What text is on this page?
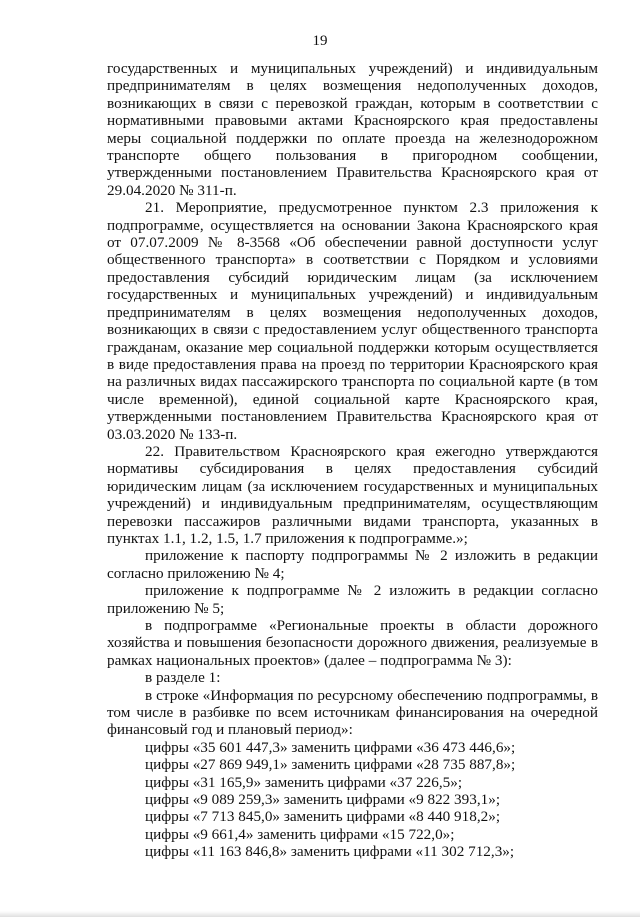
19

государственных и муниципальных учреждений) и индивидуальным предпринимателям в целях возмещения недополученных доходов, возникающих в связи с перевозкой граждан, которым в соответствии с нормативными правовыми актами Красноярского края предоставлены меры социальной поддержки по оплате проезда на железнодорожном транспорте общего пользования в пригородном сообщении, утвержденными постановлением Правительства Красноярского края от 29.04.2020 № 311-п.

21. Мероприятие, предусмотренное пунктом 2.3 приложения к подпрограмме, осуществляется на основании Закона Красноярского края от 07.07.2009 № 8-3568 «Об обеспечении равной доступности услуг общественного транспорта» в соответствии с Порядком и условиями предоставления субсидий юридическим лицам (за исключением государственных и муниципальных учреждений) и индивидуальным предпринимателям в целях возмещения недополученных доходов, возникающих в связи с предоставлением услуг общественного транспорта гражданам, оказание мер социальной поддержки которым осуществляется в виде предоставления права на проезд по территории Красноярского края на различных видах пассажирского транспорта по социальной карте (в том числе временной), единой социальной карте Красноярского края, утвержденными постановлением Правительства Красноярского края от 03.03.2020 № 133-п.

22. Правительством Красноярского края ежегодно утверждаются нормативы субсидирования в целях предоставления субсидий юридическим лицам (за исключением государственных и муниципальных учреждений) и индивидуальным предпринимателям, осуществляющим перевозки пассажиров различными видами транспорта, указанных в пунктах 1.1, 1.2, 1.5, 1.7 приложения к подпрограмме.»;

приложение к паспорту подпрограммы № 2 изложить в редакции согласно приложению № 4;

приложение к подпрограмме № 2 изложить в редакции согласно приложению № 5;

в подпрограмме «Региональные проекты в области дорожного хозяйства и повышения безопасности дорожного движения, реализуемые в рамках национальных проектов» (далее – подпрограмма № 3):

в разделе 1:

в строке «Информация по ресурсному обеспечению подпрограммы, в том числе в разбивке по всем источникам финансирования на очередной финансовый год и плановый период»:

цифры «35 601 447,3» заменить цифрами «36 473 446,6»;

цифры «27 869 949,1» заменить цифрами «28 735 887,8»;

цифры «31 165,9» заменить цифрами «37 226,5»;

цифры «9 089 259,3» заменить цифрами «9 822 393,1»;

цифры «7 713 845,0» заменить цифрами «8 440 918,2»;

цифры «9 661,4» заменить цифрами «15 722,0»;

цифры «11 163 846,8» заменить цифрами «11 302 712,3»;
